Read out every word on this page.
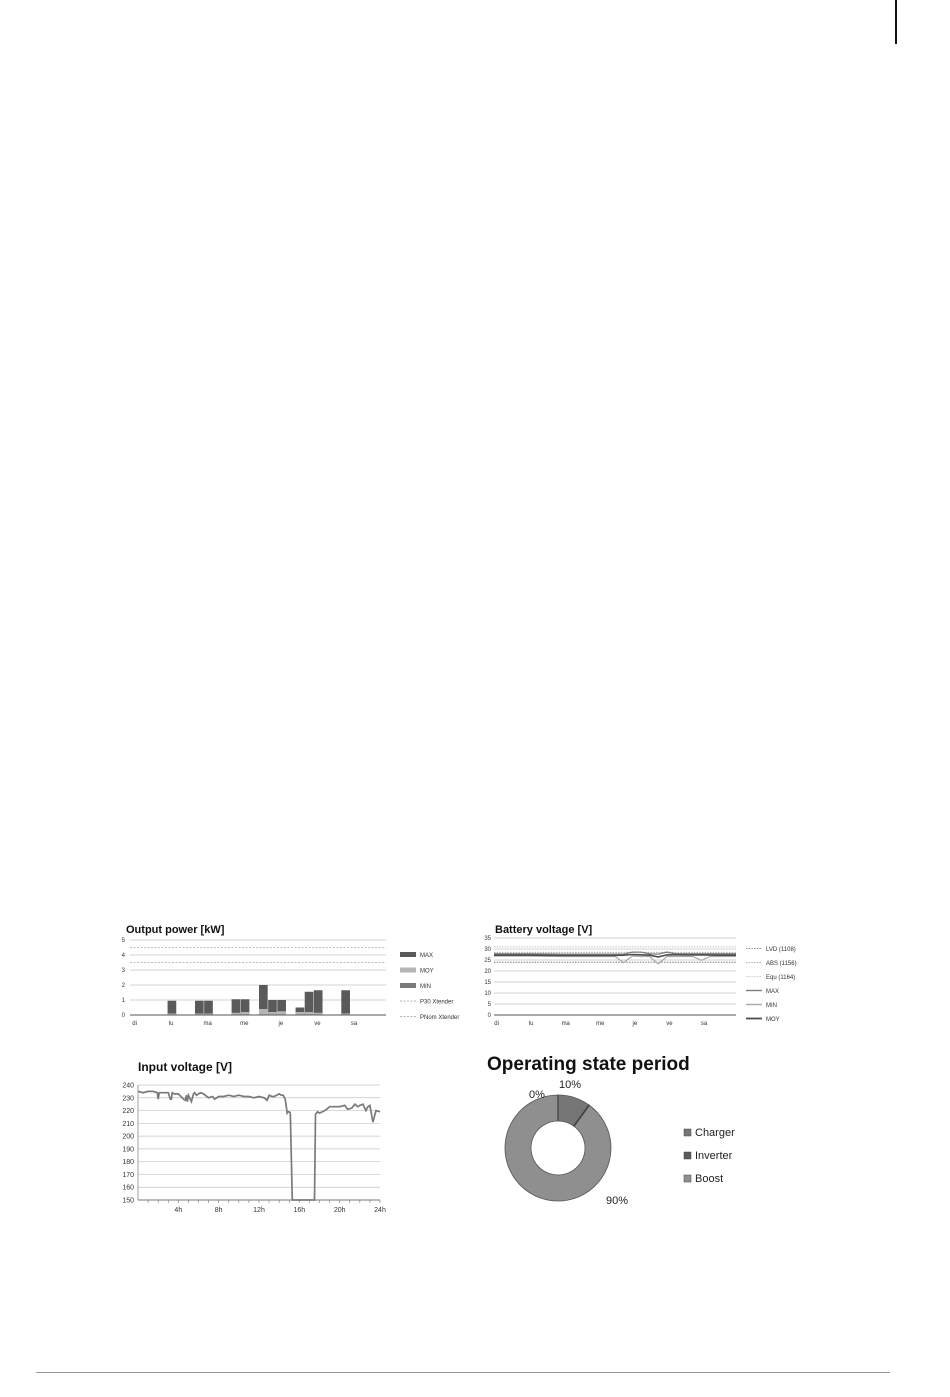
Output power [kW]
0
1
2
3
4
5
di	lu	ma	me	je	ve	sa
MAX
MOY
MIN
P30 Xtender
PNom Xtender
Battery voltage [V]
0
5
10
15
20
25
30
35
di	lu	ma	me	je	ve	sa
LVD (1108)
ABS (1156)
Equ (1164)
MAX
MIN
MOY
Input voltage [V]
150
160
170
180
190
200
210
220
230
240
4h	8h	12h	16h	20h	24h
Operating state period
10%
0%
90%
Charger
Inverter
Boost
